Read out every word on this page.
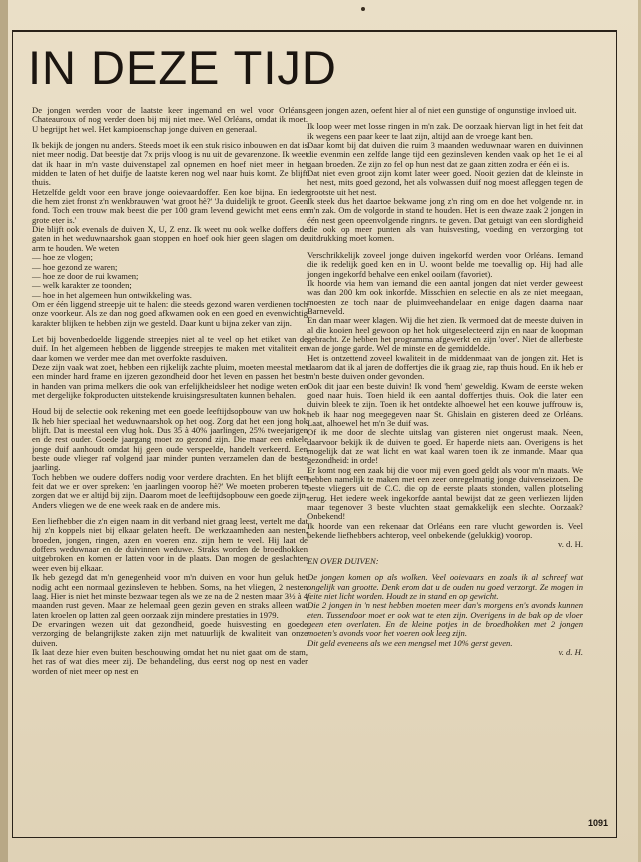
IN DEZE TIJD

De jongen werden voor de laatste keer ingemand en wel voor Orléans. Chateauroux of nog verder doen bij mij niet mee. Wel Orléans, omdat ik moet. U begrijpt het wel. Het kampioenschap jonge duiven en generaal.

Ik bekijk de jongen nu anders. Steeds moet ik een stuk risico inbouwen en dat is niet meer nodig. Dat beestje dat 7x prijs vloog is nu uit de gevarenzone. Ik weet dat ik haar in m'n vaste duivenstapel zal opnemen en hoef niet meer in het midden te laten of het duifje de laatste keren nog wel naar huis komt. Ze blijft thuis.

Hetzelfde geldt voor een brave jonge ooievaardoffer. Een koe bijna. En ieder die hem ziet fronst z'n wenkbrauwen 'wat groot hè?' 'Ja duidelijk te groot. Geen fond. Toch een trouw mak beest die per 100 gram levend gewicht met eens en grote eter is.'

Die blijft ook evenals de duiven X, U, Z enz. Ik weet nu ook welke doffers de gaten in het weduwnaarshok gaan stoppen en hoef ook hier geen slagen om de arm te houden. We weten

— hoe ze vlogen;
— hoe gezond ze waren;
— hoe ze door de rui kwamen;
— welk karakter ze toonden;
— hoe in het algemeen hun ontwikkeling was.

Om er één liggend streepje uit te halen: die steeds gezond waren verdienen toch onze voorkeur. Als ze dan nog goed afkwamen ook en een goed en evenwichtig karakter blijken te hebben zijn we gesteld. Daar kunt u bijna zeker van zijn.

Let bij bovenbedoelde liggende streepjes niet al te veel op het etiket van de duif. In het algemeen hebben de liggende streepjes te maken met vitaliteit en daar komen we verder mee dan met overfokte rasduiven.

Deze zijn vaak wat zoet, hebben een rijkelijk zachte pluim, moeten meestal met een minder hard frame en ijzeren gezondheid door het leven en passen het best in handen van prima melkers die ook van erfelijkheidsleer het nodige weten en met dergelijke fokproducten uitstekende kruisingsresultaten kunnen behalen.

Houd bij de selectie ook rekening met een goede leeftijdsopbouw van uw hok. Ik heb hier speciaal het weduwnaarshok op het oog. Zorg dat het een jong hok blijft. Dat is meestal een vlug hok. Dus 35 à 40% jaarlingen, 25% tweejarigen en de rest ouder. Goede jaargang moet zo gezond zijn. Die maar een enkele jonge duif aanhoudt omdat hij geen oude verspeelde, handelt verkeerd. Een beste oude vlieger raf volgend jaar minder punten verzamelen dan de beste jaarling.

Toch hebben we oudere doffers nodig voor verdere drachten. En het blijft een feit dat we er over spreken: 'en jaarlingen voorop hè?' We moeten proberen te zorgen dat we er altijd bij zijn. Daarom moet de leeftijdsopbouw een goede zijn. Anders vliegen we de ene week raak en de andere mis.

Een liefhebber die z'n eigen naam in dit verband niet graag leest, vertelt me dat hij z'n koppels niet bij elkaar gelaten heeft. De werkzaamheden aan nesten, broeden, jongen, ringen, azen en voeren enz. zijn hem te veel. Hij laat de doffers weduwnaar en de duivinnen weduwe. Straks worden de broedhokken uitgebroken en komen er latten voor in de plaats. Dan mogen de geslachten weer even bij elkaar.

Ik heb gezegd dat m'n genegenheid voor m'n duiven en voor hun geluk het nodig acht een normaal gezinsleven te hebben. Soms, na het vliegen, 2 nesten laag. Hier is niet het minste bezwaar tegen als we ze na de 2 nesten maar 3½ à 4 maanden rust geven. Maar ze helemaal geen gezin geven en straks alleen wat laten kroelen op latten zal geen oorzaak zijn mindere prestaties in 1979.

De ervaringen wezen uit dat gezondheid, goede huisvesting en goede verzorging de belangrijkste zaken zijn met natuurlijk de kwaliteit van onze duiven.

Ik laat deze hier even buiten beschouwing omdat het nu niet gaat om de stam, het ras of wat dies meer zij. De behandeling, dus eerst nog op nest en vader worden of niet meer op nest en

geen jongen azen, oefent hier al of niet een gunstige of ongunstige invloed uit.

Ik loop weer met losse ringen in m'n zak. De oorzaak hiervan ligt in het feit dat ik wegens een paar keer te laat zijn, altijd aan de vroege kant ben.

Daar komt bij dat duiven die ruim 3 maanden weduwnaar waren en duivinnen die evenmin een zelfde lange tijd een gezinsleven kenden vaak op het 1e ei al gaan broeden. Ze zijn zo fel op hun nest dat ze gaan zitten zodra er één ei is.

Dat niet even groot zijn komt later weer goed. Nooit gezien dat de kleinste in het nest, mits goed gezond, het als volwassen duif nog moest afleggen tegen de grootste uit het nest.

Ik steek dus het daartoe bekwame jong z'n ring om en doe het volgende nr. in m'n zak. Om de volgorde in stand te houden. Het is een dwaze zaak 2 jongen in één nest geen opeenvolgende ringnrs. te geven. Dat getuigt van een slordigheid die ook op meer punten als van huisvesting, voeding en verzorging tot uitdrukking moet komen.

Verschrikkelijk zoveel jonge duiven ingekorfd werden voor Orléans. Iemand die ik redelijk goed ken en in U. woont belde me toevallig op. Hij had alle jongen ingekorfd behalve een enkel ooilam (favoriet).

Ik hoorde via hem van iemand die een aantal jongen dat niet verder geweest was dan 200 km ook inkorfde. Misschien en selectie en als ze niet meegaan, moesten ze toch naar de pluimveehandelaar en enige dagen daarna naar Barneveld.

En dan maar weer klagen. Wij die het zien. Ik vermoed dat de meeste duiven in al die kooien heel gewoon op het hok uitgeselecteerd zijn en naar de koopman gebracht. Ze hebben het programma afgewerkt en zijn 'over'. Niet de allerbeste van de jonge garde. Wel de minste en de gemiddelde.

Het is ontzettend zoveel kwaliteit in de middenmaat van de jongen zit. Het is daarom dat ik al jaren de doffertjes die ik graag zie, rap thuis houd. En ik heb er m'n beste duiven onder gevonden.

Ook dit jaar een beste duivin! Ik vond 'hem' geweldig. Kwam de eerste weken goed naar huis. Toen hield ik een aantal doffertjes thuis. Ook die later een duivin bleek te zijn. Toen ik het ontdekte alhoewel het een kouwe juffrouw is, heb ik haar nog meegegeven naar St. Ghislain en gisteren deed ze Orléans. Laat, alhoewel het m'n 3e duif was.

Of ik me door de slechte uitslag van gisteren niet ongerust maak. Neen, daarvoor bekijk ik de duiven te goed. Er haperde niets aan. Overigens is het mogelijk dat ze wat licht en wat kaal waren toen ik ze inmande. Maar qua gezondheid: in orde!

Er komt nog een zaak bij die voor mij even goed geldt als voor m'n maats. We hebben namelijk te maken met een zeer onregelmatig jonge duivenseizoen. De beste vliegers uit de C.C. die op de eerste plaats stonden, vallen plotseling terug. Het iedere week ingekorfde aantal bewijst dat ze geen verliezen lijden maar tegenover 3 beste vluchten staat gemakkelijk een slechte. Oorzaak? Onbekend!

Ik hoorde van een rekenaar dat Orléans een rare vlucht geworden is. Veel bekende liefhebbers achterop, veel onbekende (gelukkig) voorop.

v. d. H.

EN OVER DUIVEN:

De jongen komen op als wolken. Veel ooievaars en zoals ik al schreef wat ongelijk van grootte. Denk erom dat u de ouden nu goed verzorgt. Ze mogen in feite niet licht worden. Houdt ze in stand en op gewicht.

Die 2 jongen in 'n nest hebben moeten meer dan's morgens en's avonds kunnen eten. Tussendoor moet er ook wat te eten zijn. Overigens in de bak op de vloer geen eten overlaten. En de kleine potjes in de broedhokken met 2 jongen moeten's avonds voor het voeren ook leeg zijn.

Dit geld eveneens als we een mengsel met 10% gerst geven.

v. d. H.

1091
